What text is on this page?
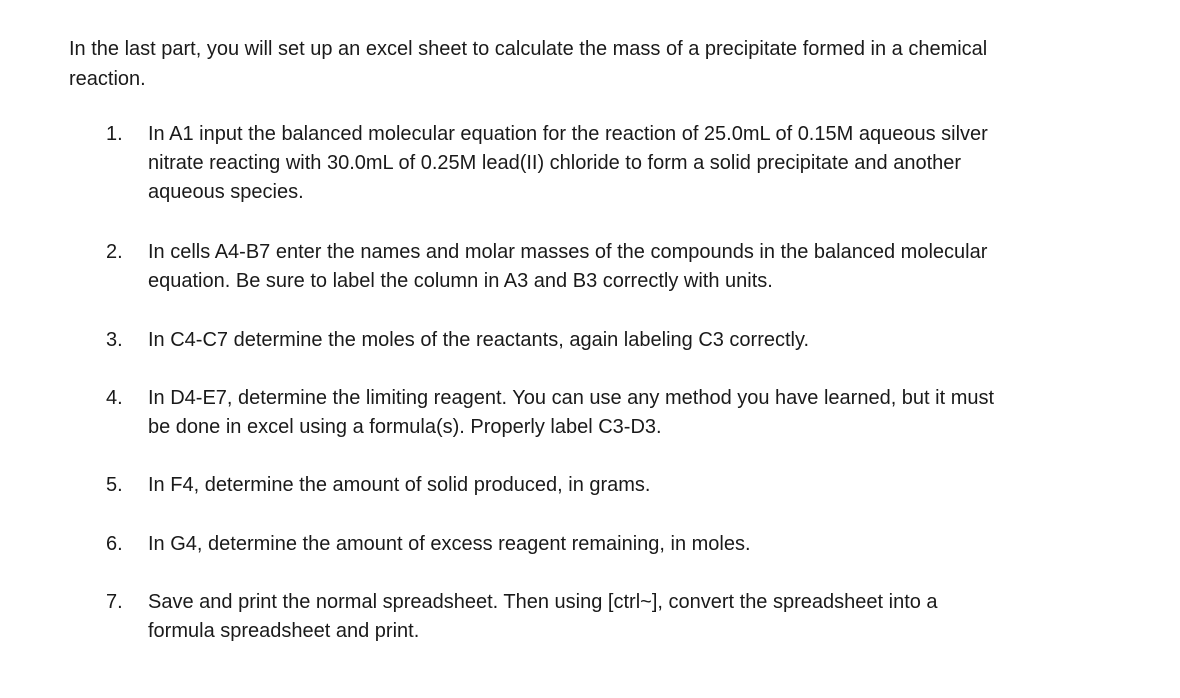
In the last part, you will set up an excel sheet to calculate the mass of a precipitate formed in a chemical
reaction.

1.	In A1 input the balanced molecular equation for the reaction of 25.0mL of 0.15M aqueous silver
nitrate reacting with 30.0mL of 0.25M lead(II) chloride to form a solid precipitate and another
aqueous species.
2.	In cells A4-B7 enter the names and molar masses of the compounds in the balanced molecular
equation. Be sure to label the column in A3 and B3 correctly with units.
3.	In C4-C7 determine the moles of the reactants, again labeling C3 correctly.
4.	In D4-E7, determine the limiting reagent. You can use any method you have learned, but it must
be done in excel using a formula(s). Properly label C3-D3.
5.	In F4, determine the amount of solid produced, in grams.
6.	In G4, determine the amount of excess reagent remaining, in moles.
7.	Save and print the normal spreadsheet. Then using [ctrl~], convert the spreadsheet into a
formula spreadsheet and print.
